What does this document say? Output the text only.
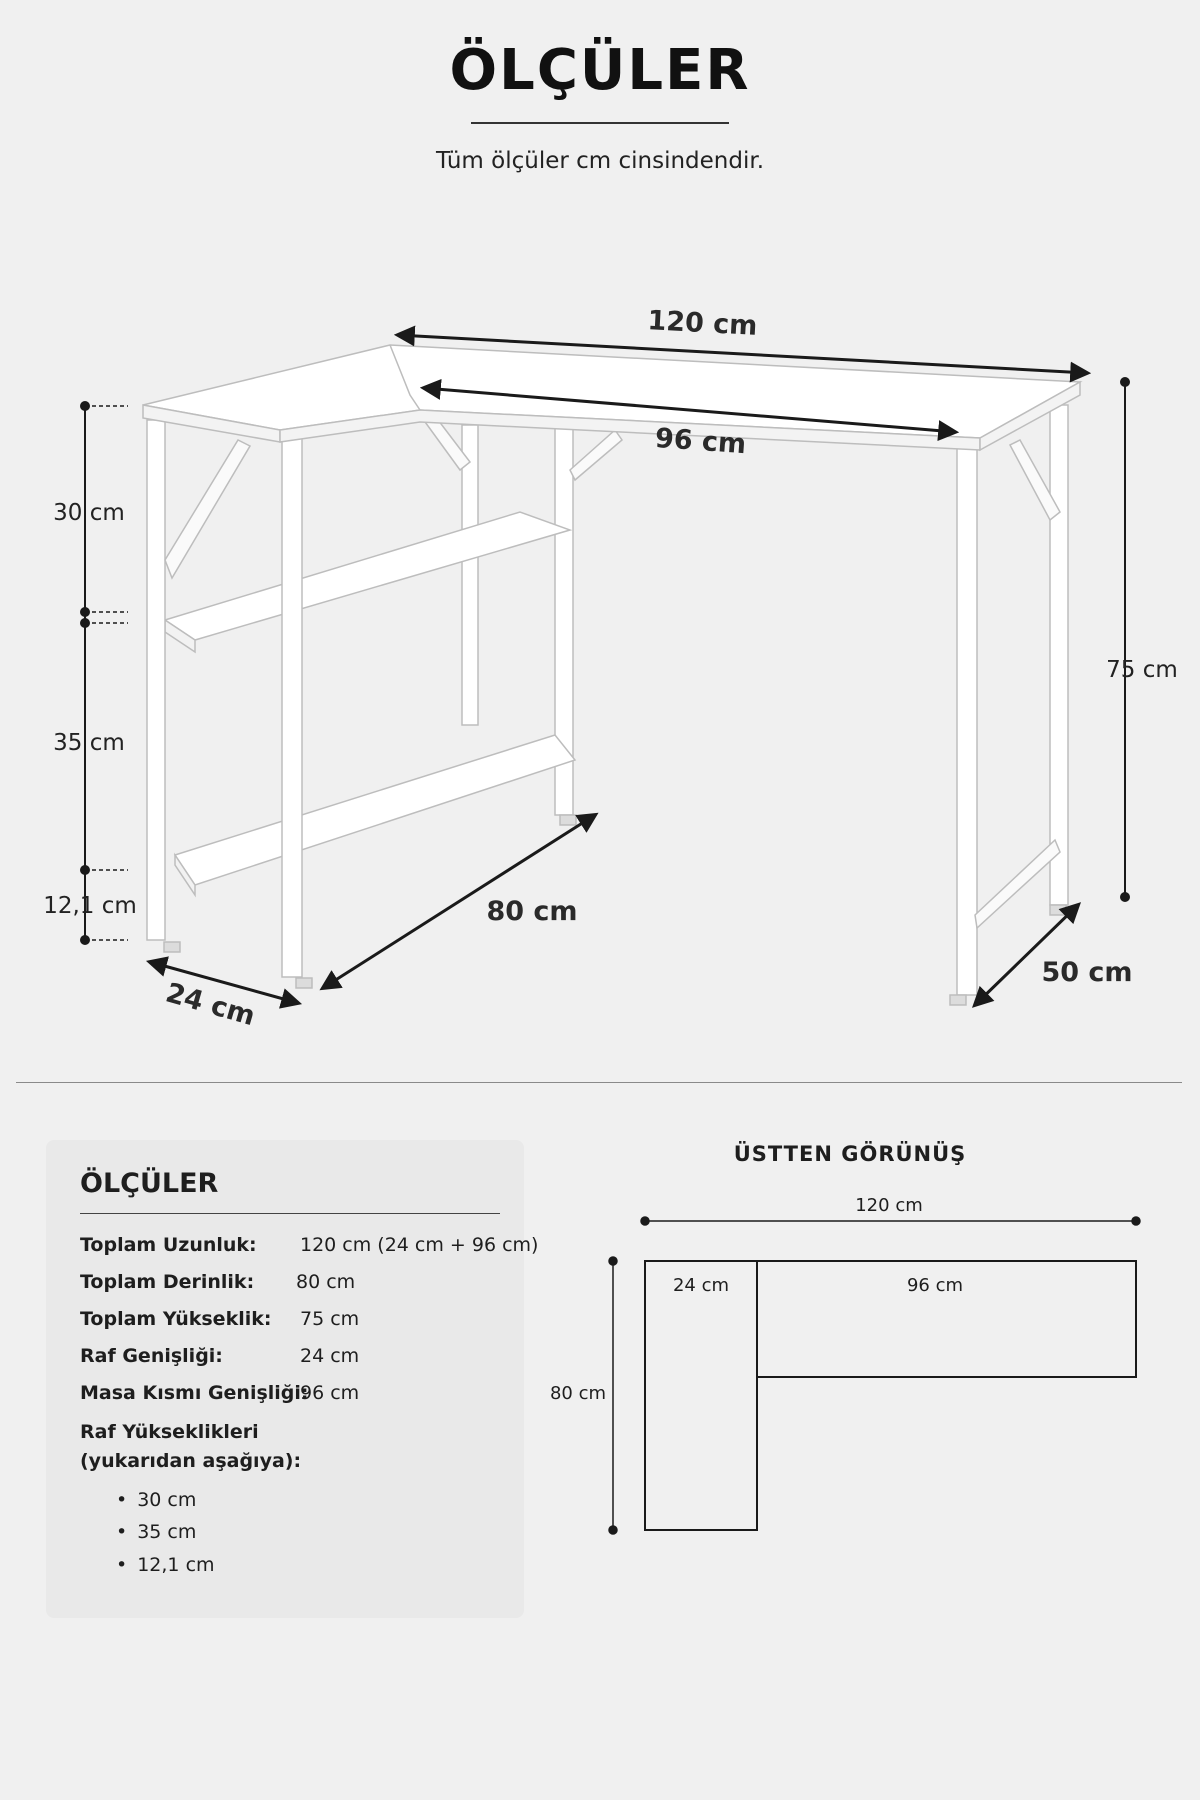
ÖLÇÜLER
Tüm ölçüler cm cinsindendir.
120 cm
96 cm
30 cm
35 cm
12,1 cm
75 cm
80 cm
24 cm
50 cm
ÖLÇÜLER
Toplam Uzunluk: 120 cm (24 cm + 96 cm)
Toplam Derinlik: 80 cm
Toplam Yükseklik: 75 cm
Raf Genişliği:	24 cm
Masa Kısmı Genişliği:
96 cm
Raf Yükseklikleri
(yukarıdan aşağıya):
• 30 cm
• 35 cm
• 12,1 cm
ÜSTTEN GÖRÜNÜŞ
120 cm
24 cm	96 cm
80 cm
